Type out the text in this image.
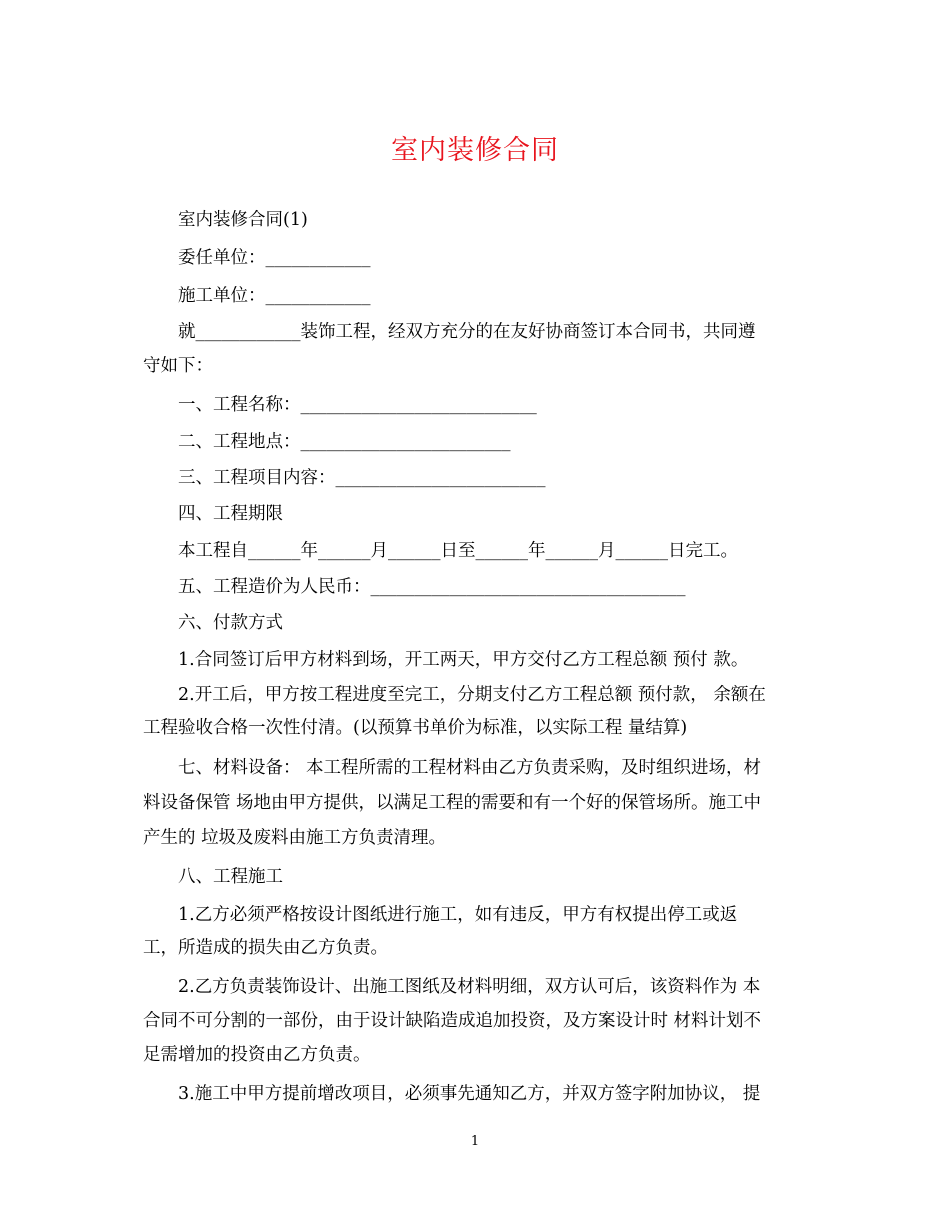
室内装修合同
室内装修合同(1)
委任单位：____________
施工单位：____________
就____________装饰工程，经双方充分的在友好协商签订本合同书，共同遵
守如下：
一、工程名称：___________________________
二、工程地点：________________________
三、工程项目内容：________________________
四、工程期限
本工程自______年______月______日至______年______月______日完工。
五、工程造价为人民币：____________________________________
六、付款方式
1.合同签订后甲方材料到场，开工两天，甲方交付乙方工程总额 预付 款。
2.开工后，甲方按工程进度至完工，分期支付乙方工程总额 预付款， 余额在
工程验收合格一次性付清。(以预算书单价为标准，以实际工程 量结算)
七、材料设备： 本工程所需的工程材料由乙方负责采购，及时组织进场，材
料设备保管 场地由甲方提供，以满足工程的需要和有一个好的保管场所。施工中
产生的 垃圾及废料由施工方负责清理。
八、工程施工
1.乙方必须严格按设计图纸进行施工，如有违反，甲方有权提出停工或返
工，所造成的损失由乙方负责。
2.乙方负责装饰设计、出施工图纸及材料明细，双方认可后，该资料作为 本
合同不可分割的一部份，由于设计缺陷造成追加投资，及方案设计时 材料计划不
足需增加的投资由乙方负责。
3.施工中甲方提前增改项目，必须事先通知乙方，并双方签字附加协议， 提
1
